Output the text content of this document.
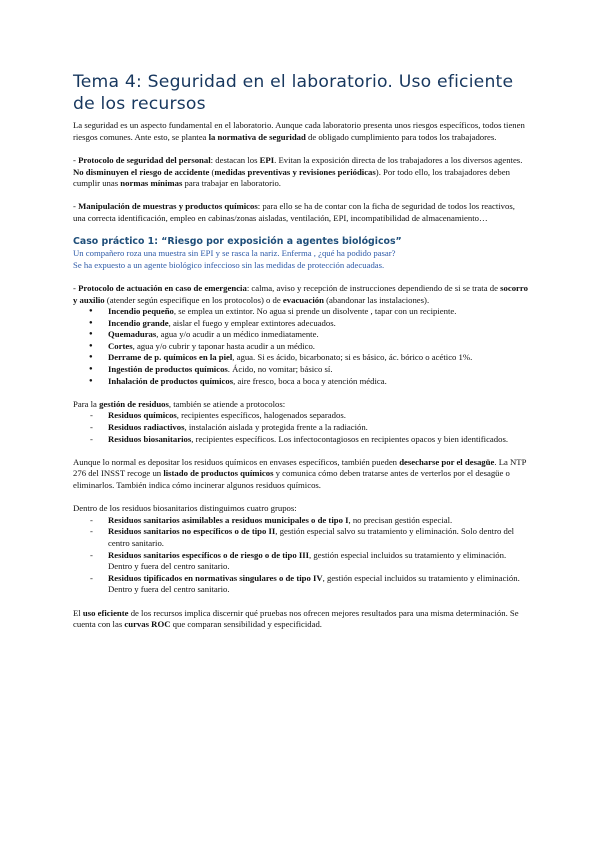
Tema 4: Seguridad en el laboratorio. Uso eficiente de los recursos

La seguridad es un aspecto fundamental en el laboratorio. Aunque cada laboratorio presenta unos riesgos específicos, todos tienen riesgos comunes. Ante esto, se plantea la normativa de seguridad de obligado cumplimiento para todos los trabajadores.

- Protocolo de seguridad del personal: destacan los EPI. Evitan la exposición directa de los trabajadores a los diversos agentes. No disminuyen el riesgo de accidente (medidas preventivas y revisiones periódicas). Por todo ello, los trabajadores deben cumplir unas normas mínimas para trabajar en laboratorio.

- Manipulación de muestras y productos químicos: para ello se ha de contar con la ficha de seguridad de todos los reactivos, una correcta identificación, empleo en cabinas/zonas aisladas, ventilación, EPI, incompatibilidad de almacenamiento…

Caso práctico 1: “Riesgo por exposición a agentes biológicos”

Un compañero roza una muestra sin EPI y se rasca la nariz. Enferma , ¿qué ha podido pasar?

Se ha expuesto a un agente biológico infeccioso sin las medidas de protección adecuadas.

- Protocolo de actuación en caso de emergencia: calma, aviso y recepción de instrucciones dependiendo de si se trata de socorro y auxilio (atender según especifique en los protocolos) o de evacuación (abandonar las instalaciones).

● Incendio pequeño, se emplea un extintor. No agua si prende un disolvente , tapar con un recipiente.
● Incendio grande, aislar el fuego y emplear extintores adecuados.
● Quemaduras, agua y/o acudir a un médico inmediatamente.
● Cortes, agua y/o cubrir y taponar hasta acudir a un médico.
● Derrame de p. químicos en la piel, agua. Si es ácido, bicarbonato; si es básico, ác. bórico o acético 1%.
● Ingestión de productos químicos. Ácido, no vomitar; básico sí.
● Inhalación de productos químicos, aire fresco, boca a boca y atención médica.

Para la gestión de residuos, también se atiende a protocolos:

- Residuos químicos, recipientes específicos, halogenados separados.
- Residuos radiactivos, instalación aislada y protegida frente a la radiación.
- Residuos biosanitarios, recipientes específicos. Los infectocontagiosos en recipientes opacos y bien identificados.

Aunque lo normal es depositar los residuos químicos en envases específicos, también pueden desecharse por el desagüe. La NTP 276 del INSST recoge un listado de productos químicos y comunica cómo deben tratarse antes de verterlos por el desagüe o eliminarlos. También indica cómo incinerar algunos residuos químicos.

Dentro de los residuos biosanitarios distinguimos cuatro grupos:

- Residuos sanitarios asimilables a residuos municipales o de tipo I, no precisan gestión especial.
- Residuos sanitarios no específicos o de tipo II, gestión especial salvo su tratamiento y eliminación. Solo dentro del centro sanitario.
- Residuos sanitarios específicos o de riesgo o de tipo III, gestión especial incluidos su tratamiento y eliminación. Dentro y fuera del centro sanitario.
- Residuos tipificados en normativas singulares o de tipo IV, gestión especial incluidos su tratamiento y eliminación. Dentro y fuera del centro sanitario.

El uso eficiente de los recursos implica discernir qué pruebas nos ofrecen mejores resultados para una misma determinación. Se cuenta con las curvas ROC que comparan sensibilidad y especificidad.
